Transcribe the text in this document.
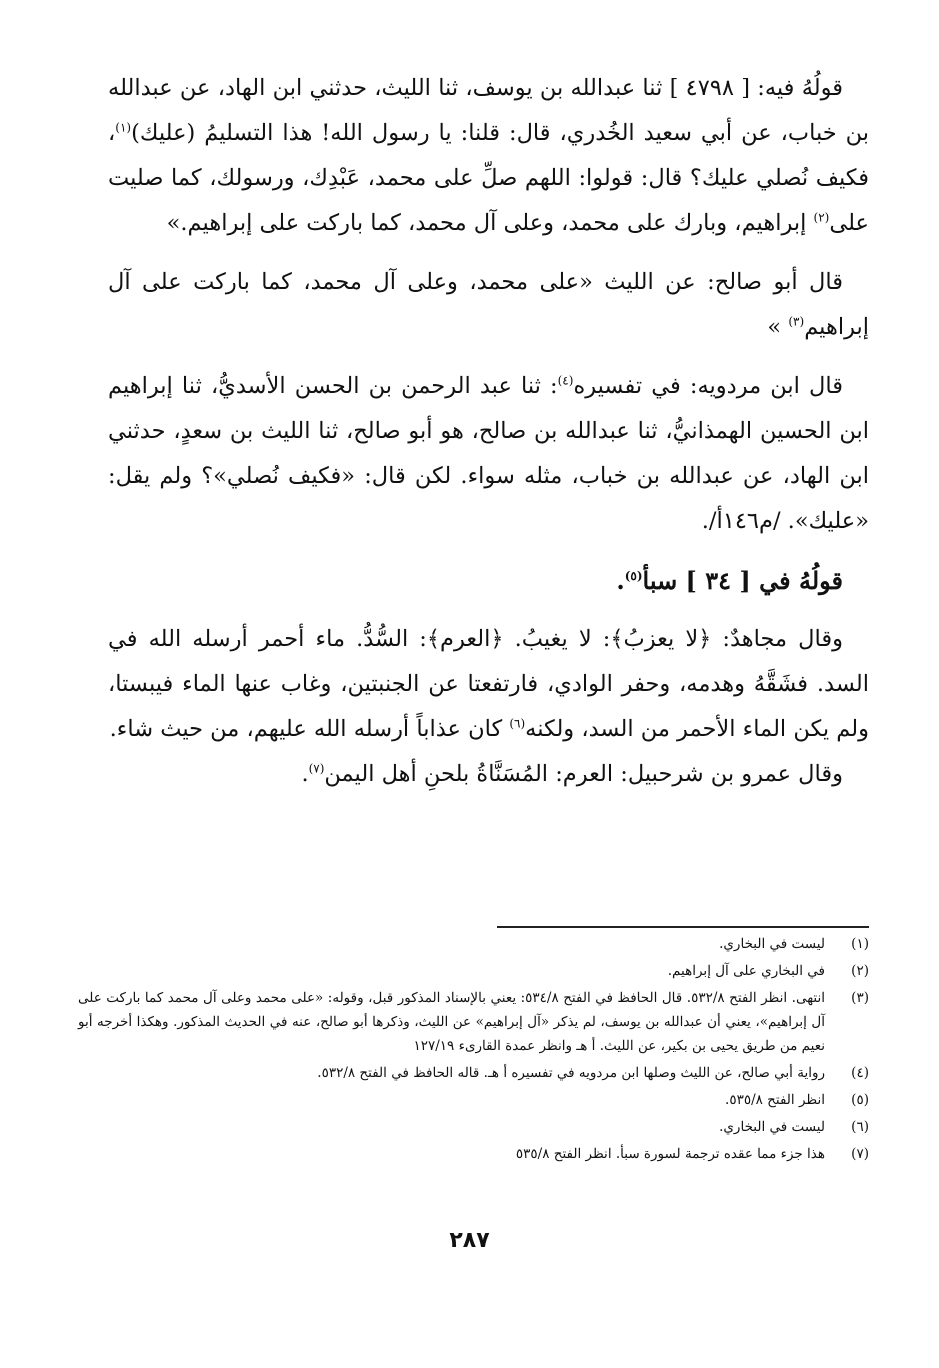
قولُهُ فيه: [ ٤٧٩٨ ] ثنا عبدالله بن يوسف، ثنا الليث، حدثني ابن الهاد، عن عبدالله بن خباب، عن أبي سعيد الخُدري، قال: قلنا: يا رسول الله! هذا التسليمُ (عليك)$^{(١)}$، فكيف نُصلي عليك؟ قال: قولوا: اللهم صلِّ على محمد، عَبْدِك، ورسولك، كما صليت على$^{(٢)}$ إبراهيم، وبارك على محمد، وعلى آل محمد، كما باركت على إبراهيم.»

قال أبو صالح: عن الليث «على محمد، وعلى آل محمد، كما باركت على آل إبراهيم$^{(٣)}$ »

قال ابن مردويه: في تفسيره$^{(٤)}$: ثنا عبد الرحمن بن الحسن الأسديُّ، ثنا إبراهيم ابن الحسين الهمذانيُّ، ثنا عبدالله بن صالح، هو أبو صالح، ثنا الليث بن سعدٍ، حدثني ابن الهاد، عن عبدالله بن خباب، مثله سواء. لكن قال: «فكيف نُصلي»؟ ولم يقل: «عليك». /م١٤٦أ/.

قولُهُ في [ ٣٤ ] سبأ$^{(٥)}$.

وقال مجاهدٌ: ﴿لا يعزبُ﴾: لا يغيبُ. ﴿العرم﴾: السُّدُّ. ماء أحمر أرسله الله في السد. فشَقَّهُ وهدمه، وحفر الوادي، فارتفعتا عن الجنبتين، وغاب عنها الماء فيبستا، ولم يكن الماء الأحمر من السد، ولكنه$^{(٦)}$ كان عذاباً أرسله الله عليهم، من حيث شاء.

وقال عمرو بن شرحبيل: العرم: المُسَنَّاةُ بلحنِ أهل اليمن$^{(٧)}$.

(١)
ليست في البخاري.
(٢)
في البخاري على آل إبراهيم.
(٣)
انتهى. انظر الفتح ٥٣٢/٨. قال الحافظ في الفتح ٥٣٤/٨: يعني بالإسناد المذكور قبل، وقوله: «على محمد وعلى آل محمد كما باركت على آل إبراهيم»، يعني أن عبدالله بن يوسف، لم يذكر «آل إبراهيم» عن الليث، وذكرها أبو صالح، عنه في الحديث المذكور. وهكذا أخرجه أبو نعيم من طريق يحيى بن بكير، عن الليث. أ هـ وانظر عمدة القارىء ١٢٧/١٩
(٤)
رواية أبي صالح، عن الليث وصلها ابن مردويه في تفسيره أ هـ. قاله الحافظ في الفتح ٥٣٢/٨.
(٥)
انظر الفتح ٥٣٥/٨.
(٦)
ليست في البخاري.
(٧)
هذا جزء مما عقده ترجمة لسورة سبأ. انظر الفتح ٥٣٥/٨
٢٨٧
